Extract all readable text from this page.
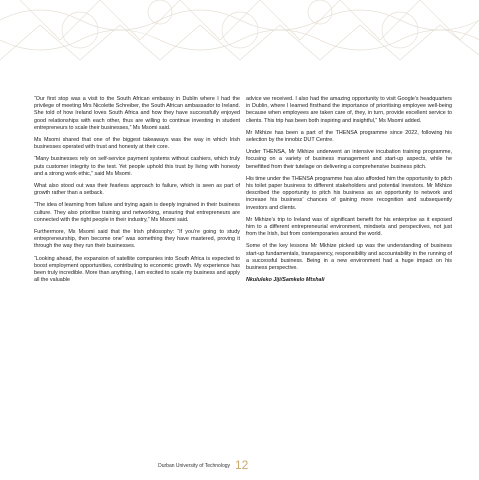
“Our first stop was a visit to the South African embassy in Dublin where I had the privilege of meeting Mrs Nicolette Schreiber, the South African ambassador to Ireland. She told of how Ireland loves South Africa and how they have successfully enjoyed good relationships with each other, thus are willing to continue investing in student entrepreneurs to scale their businesses,” Ms Msomi said.

Ms Msomi shared that one of the biggest takeaways was the way in which Irish businesses operated with trust and honesty at their core.

“Many businesses rely on self-service payment systems without cashiers, which truly puts customer integrity to the test. Yet people uphold this trust by living with honesty and a strong work ethic,” said Ms Msomi.

What also stood out was their fearless approach to failure, which is seen as part of growth rather than a setback.

“The idea of learning from failure and trying again is deeply ingrained in their business culture. They also prioritise training and networking, ensuring that entrepreneurs are connected with the right people in their industry,” Ms Msomi said.

Furthermore, Ms Msomi said that the Irish philosophy: “If you’re going to study entrepreneurship, then become one” was something they have mastered, proving it through the way they run their businesses.

“Looking ahead, the expansion of satellite companies into South Africa is expected to boost employment opportunities, contributing to economic growth. My experience has been truly incredible. More than anything, I am excited to scale my business and apply all the valuable

advice we received. I also had the amazing opportunity to visit Google’s headquarters in Dublin, where I learned firsthand the importance of prioritising employee well-being because when employees are taken care of, they, in turn, provide excellent service to clients. This trip has been both inspiring and insightful,” Ms Msomi added.

Mr Mkhize has been a part of the THENSA programme since 2022, following his selection by the innobiz DUT Centre.

Under THENSA, Mr Mkhize underwent an intensive incubation training programme, focusing on a variety of business management and start-up aspects, while he benefitted from their tutelage on delivering a comprehensive business pitch.

His time under the THENSA programme has also afforded him the opportunity to pitch his toilet paper business to different stakeholders and potential investors. Mr Mkhize described the opportunity to pitch his business as an opportunity to network and increase his business’ chances of gaining more recognition and subsequently investors and clients.

Mr Mkhize’s trip to Ireland was of significant benefit for his enterprise as it exposed him to a different entrepreneurial environment, mindsets and perspectives, not just from the Irish, but from contemporaries around the world.

Some of the key lessons Mr Mkhize picked up was the understanding of business start-up fundamentals, transparency, responsibility and accountability in the running of a successful business. Being in a new environment had a huge impact on his business perspective.

Nkululeko Jiji/Samkelo Mtshali

Durban University of Technology 12
